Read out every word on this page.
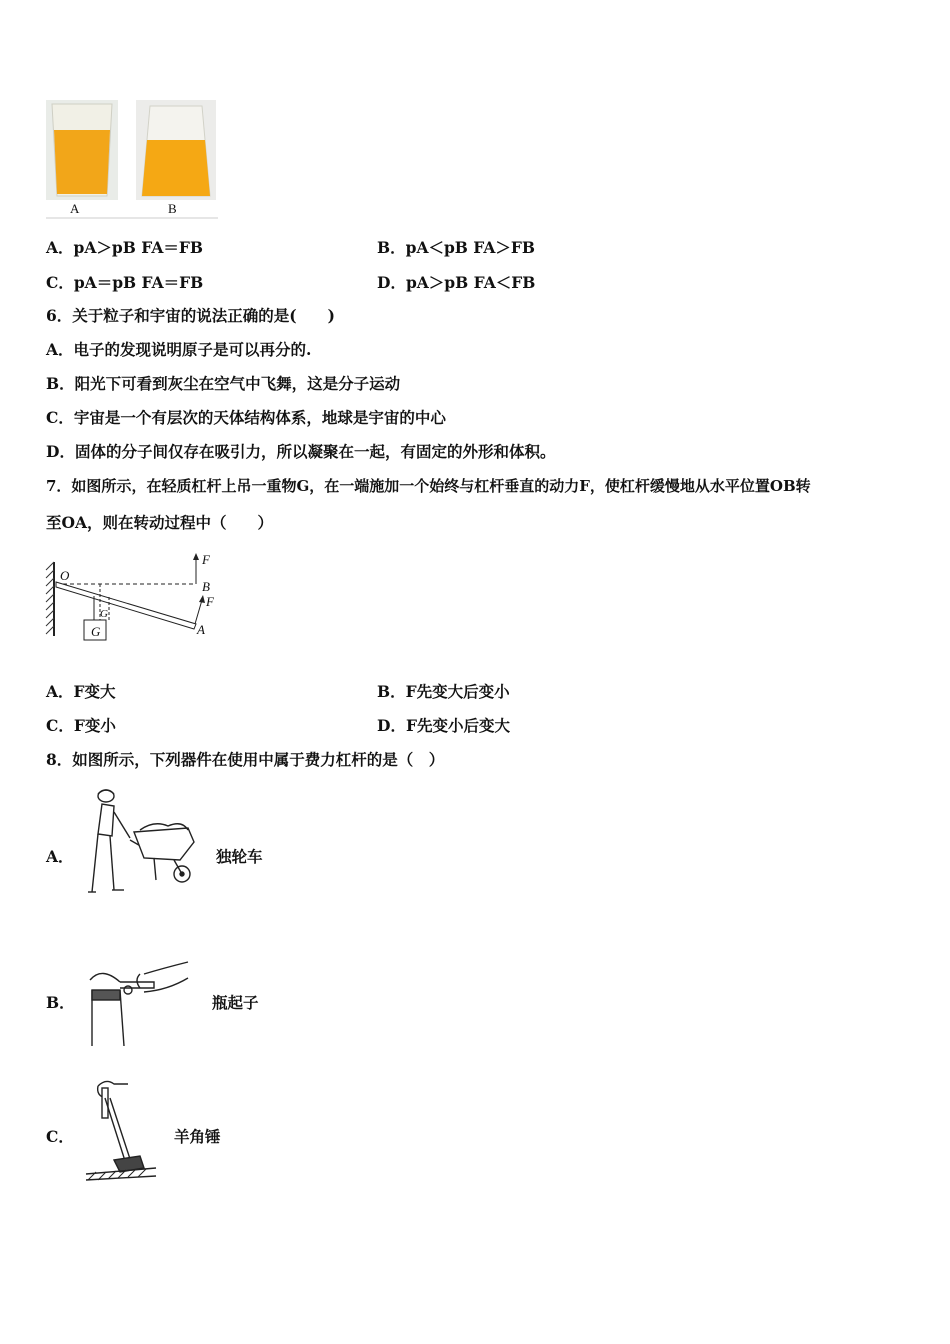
A	B
A．pA＞pB FA＝FB	B．pA＜pB FA＞FB
C．pA＝pB FA＝FB	D．pA＞pB FA＜FB
6．关于粒子和宇宙的说法正确的是(　　)
A．电子的发现说明原子是可以再分的.
B．阳光下可看到灰尘在空气中飞舞，这是分子运动
C．宇宙是一个有层次的天体结构体系，地球是宇宙的中心
D．固体的分子间仅存在吸引力，所以凝聚在一起，有固定的外形和体积。
7．如图所示，在轻质杠杆上吊一重物G，在一端施加一个始终与杠杆垂直的动力F，使杠杆缓慢地从水平位置OB转
至OA，则在转动过程中（　　）
O
B
A
F
F
G
G
A．F变大	B．F先变大后变小
C．F变小	D．F先变小后变大
8．如图所示，下列器件在使用中属于费力杠杆的是（　）
A．	独轮车
B．	瓶起子
C．	羊角锤
